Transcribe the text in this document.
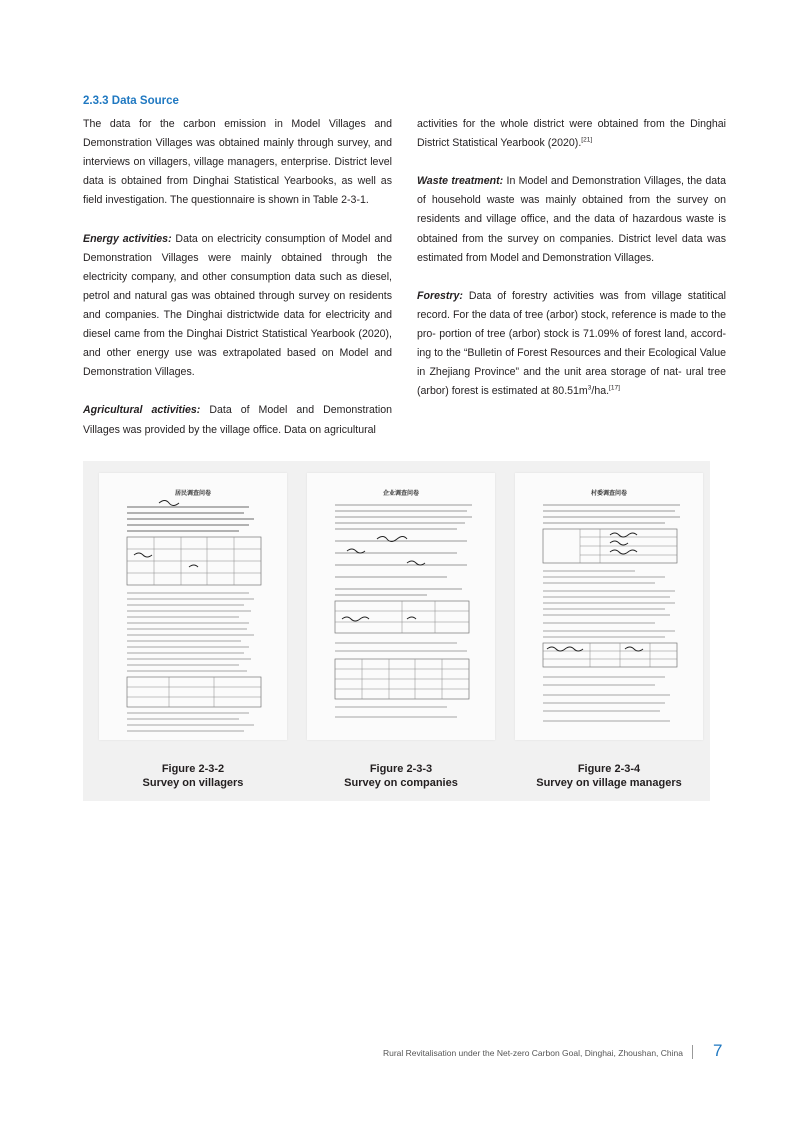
2.3.3 Data Source

The data for the carbon emission in Model Villages and Demonstration Villages was obtained mainly through survey, and interviews on villagers, village managers, enterprise. District level data is obtained from Dinghai Statistical Yearbooks, as well as field investigation. The questionnaire is shown in Table 2-3-1.

Energy activities: Data on electricity consumption of Model and Demonstration Villages were mainly obtained through the electricity company, and other consumption data such as diesel, petrol and natural gas was obtained through survey on residents and companies. The Dinghai districtwide data for electricity and diesel came from the Dinghai District Statistical Yearbook (2020), and other energy use was extrapolated based on Model and Demonstration Villages.

Agricultural activities: Data of Model and Demonstration Villages was provided by the village office. Data on agricultural

activities for the whole district were obtained from the Dinghai District Statistical Yearbook (2020).[21]

Waste treatment: In Model and Demonstration Villages, the data of household waste was mainly obtained from the survey on residents and village office, and the data of hazardous waste is obtained from the survey on companies. District level data was estimated from Model and Demonstration Villages.

Forestry: Data of forestry activities was from village statitical record. For the data of tree (arbor) stock, reference is made to the pro- portion of tree (arbor) stock is 71.09% of forest land, accord- ing to the “Bulletin of Forest Resources and their Ecological Value in Zhejiang Province” and the unit area storage of nat- ural tree (arbor) forest is estimated at $80.51m^3/ha.[17]$

居民调查问卷	企业调查问卷	村委调查问卷
Figure 2-3-2
Survey on villagers
Figure 2-3-3
Survey on companies
Figure 2-3-4
Survey on village managers
Rural Revitalisation under the Net-zero Carbon Goal, Dinghai, Zhoushan, China 7
